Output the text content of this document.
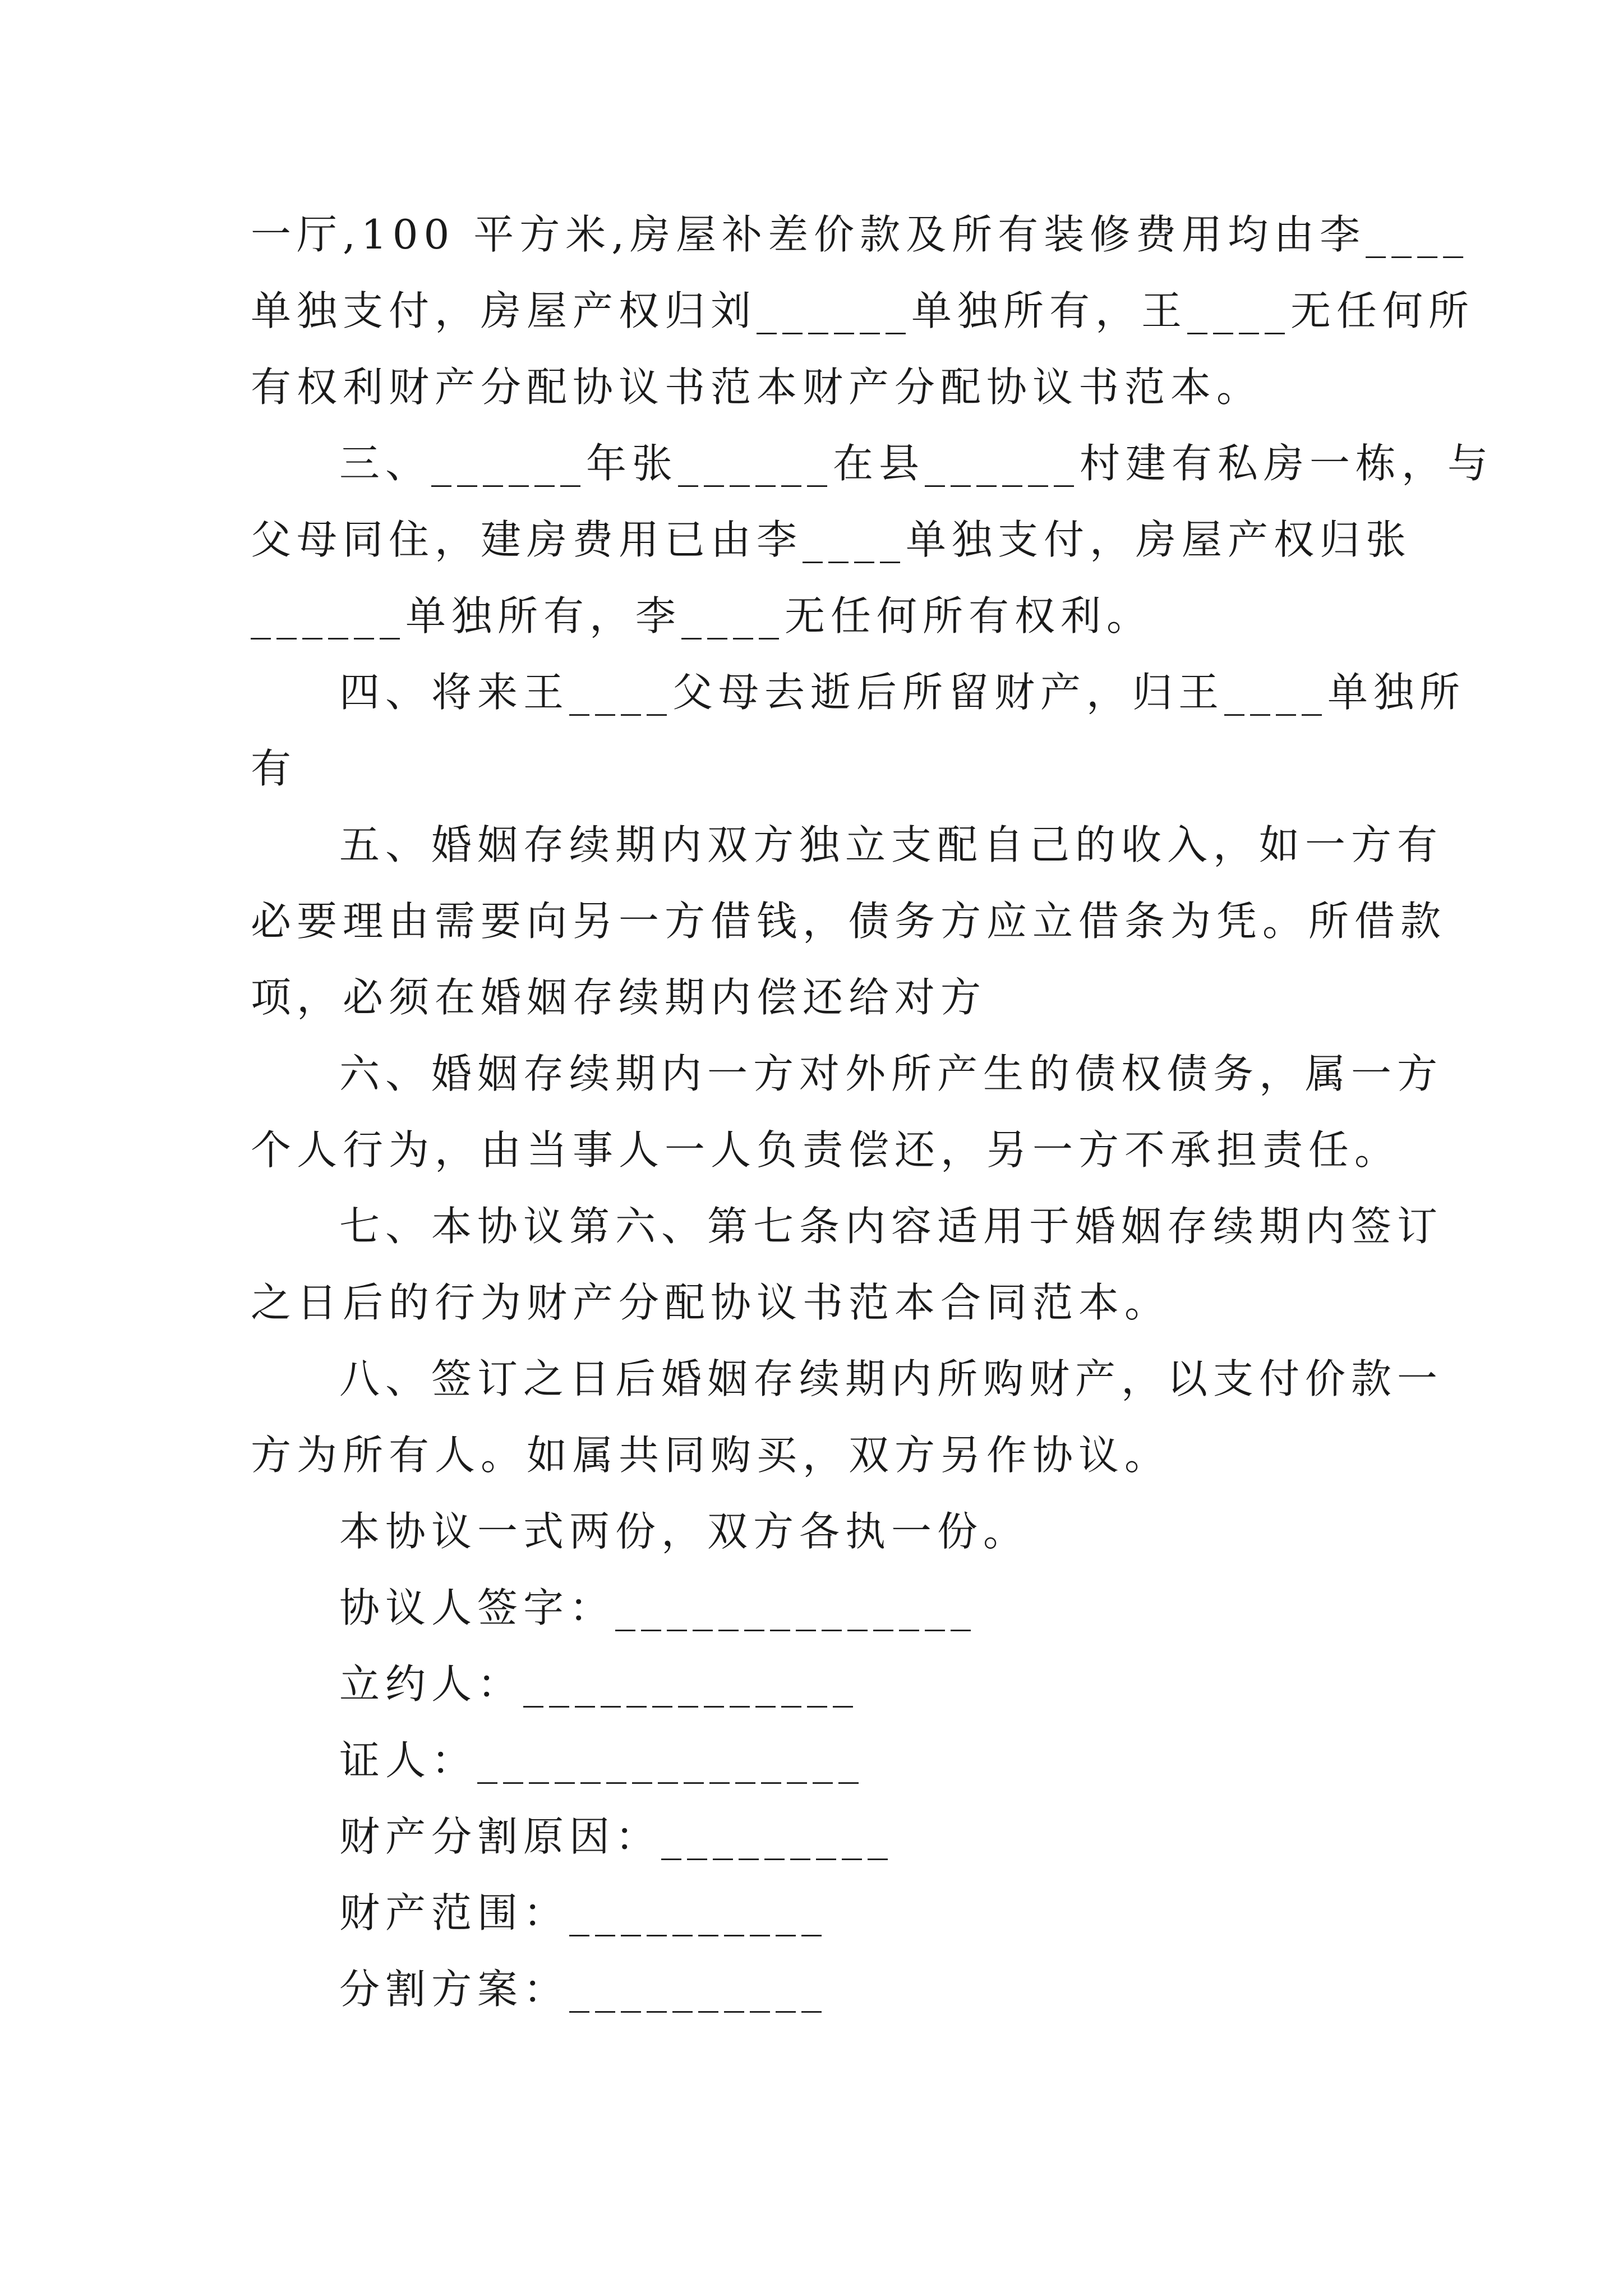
一厅,100 平方米,房屋补差价款及所有装修费用均由李____
单独支付，房屋产权归刘______单独所有，王____无任何所
有权利财产分配协议书范本财产分配协议书范本。
三、______年张______在县______村建有私房一栋，与
父母同住，建房费用已由李____单独支付，房屋产权归张
______单独所有，李____无任何所有权利。
四、将来王____父母去逝后所留财产，归王____单独所
有
五、婚姻存续期内双方独立支配自己的收入，如一方有
必要理由需要向另一方借钱，债务方应立借条为凭。所借款
项，必须在婚姻存续期内偿还给对方
六、婚姻存续期内一方对外所产生的债权债务，属一方
个人行为，由当事人一人负责偿还，另一方不承担责任。
七、本协议第六、第七条内容适用于婚姻存续期内签订
之日后的行为财产分配协议书范本合同范本。
八、签订之日后婚姻存续期内所购财产，以支付价款一
方为所有人。如属共同购买，双方另作协议。
本协议一式两份，双方各执一份。
协议人签字：______________
立约人：_____________
证人：_______________
财产分割原因：_________
财产范围：__________
分割方案：__________
